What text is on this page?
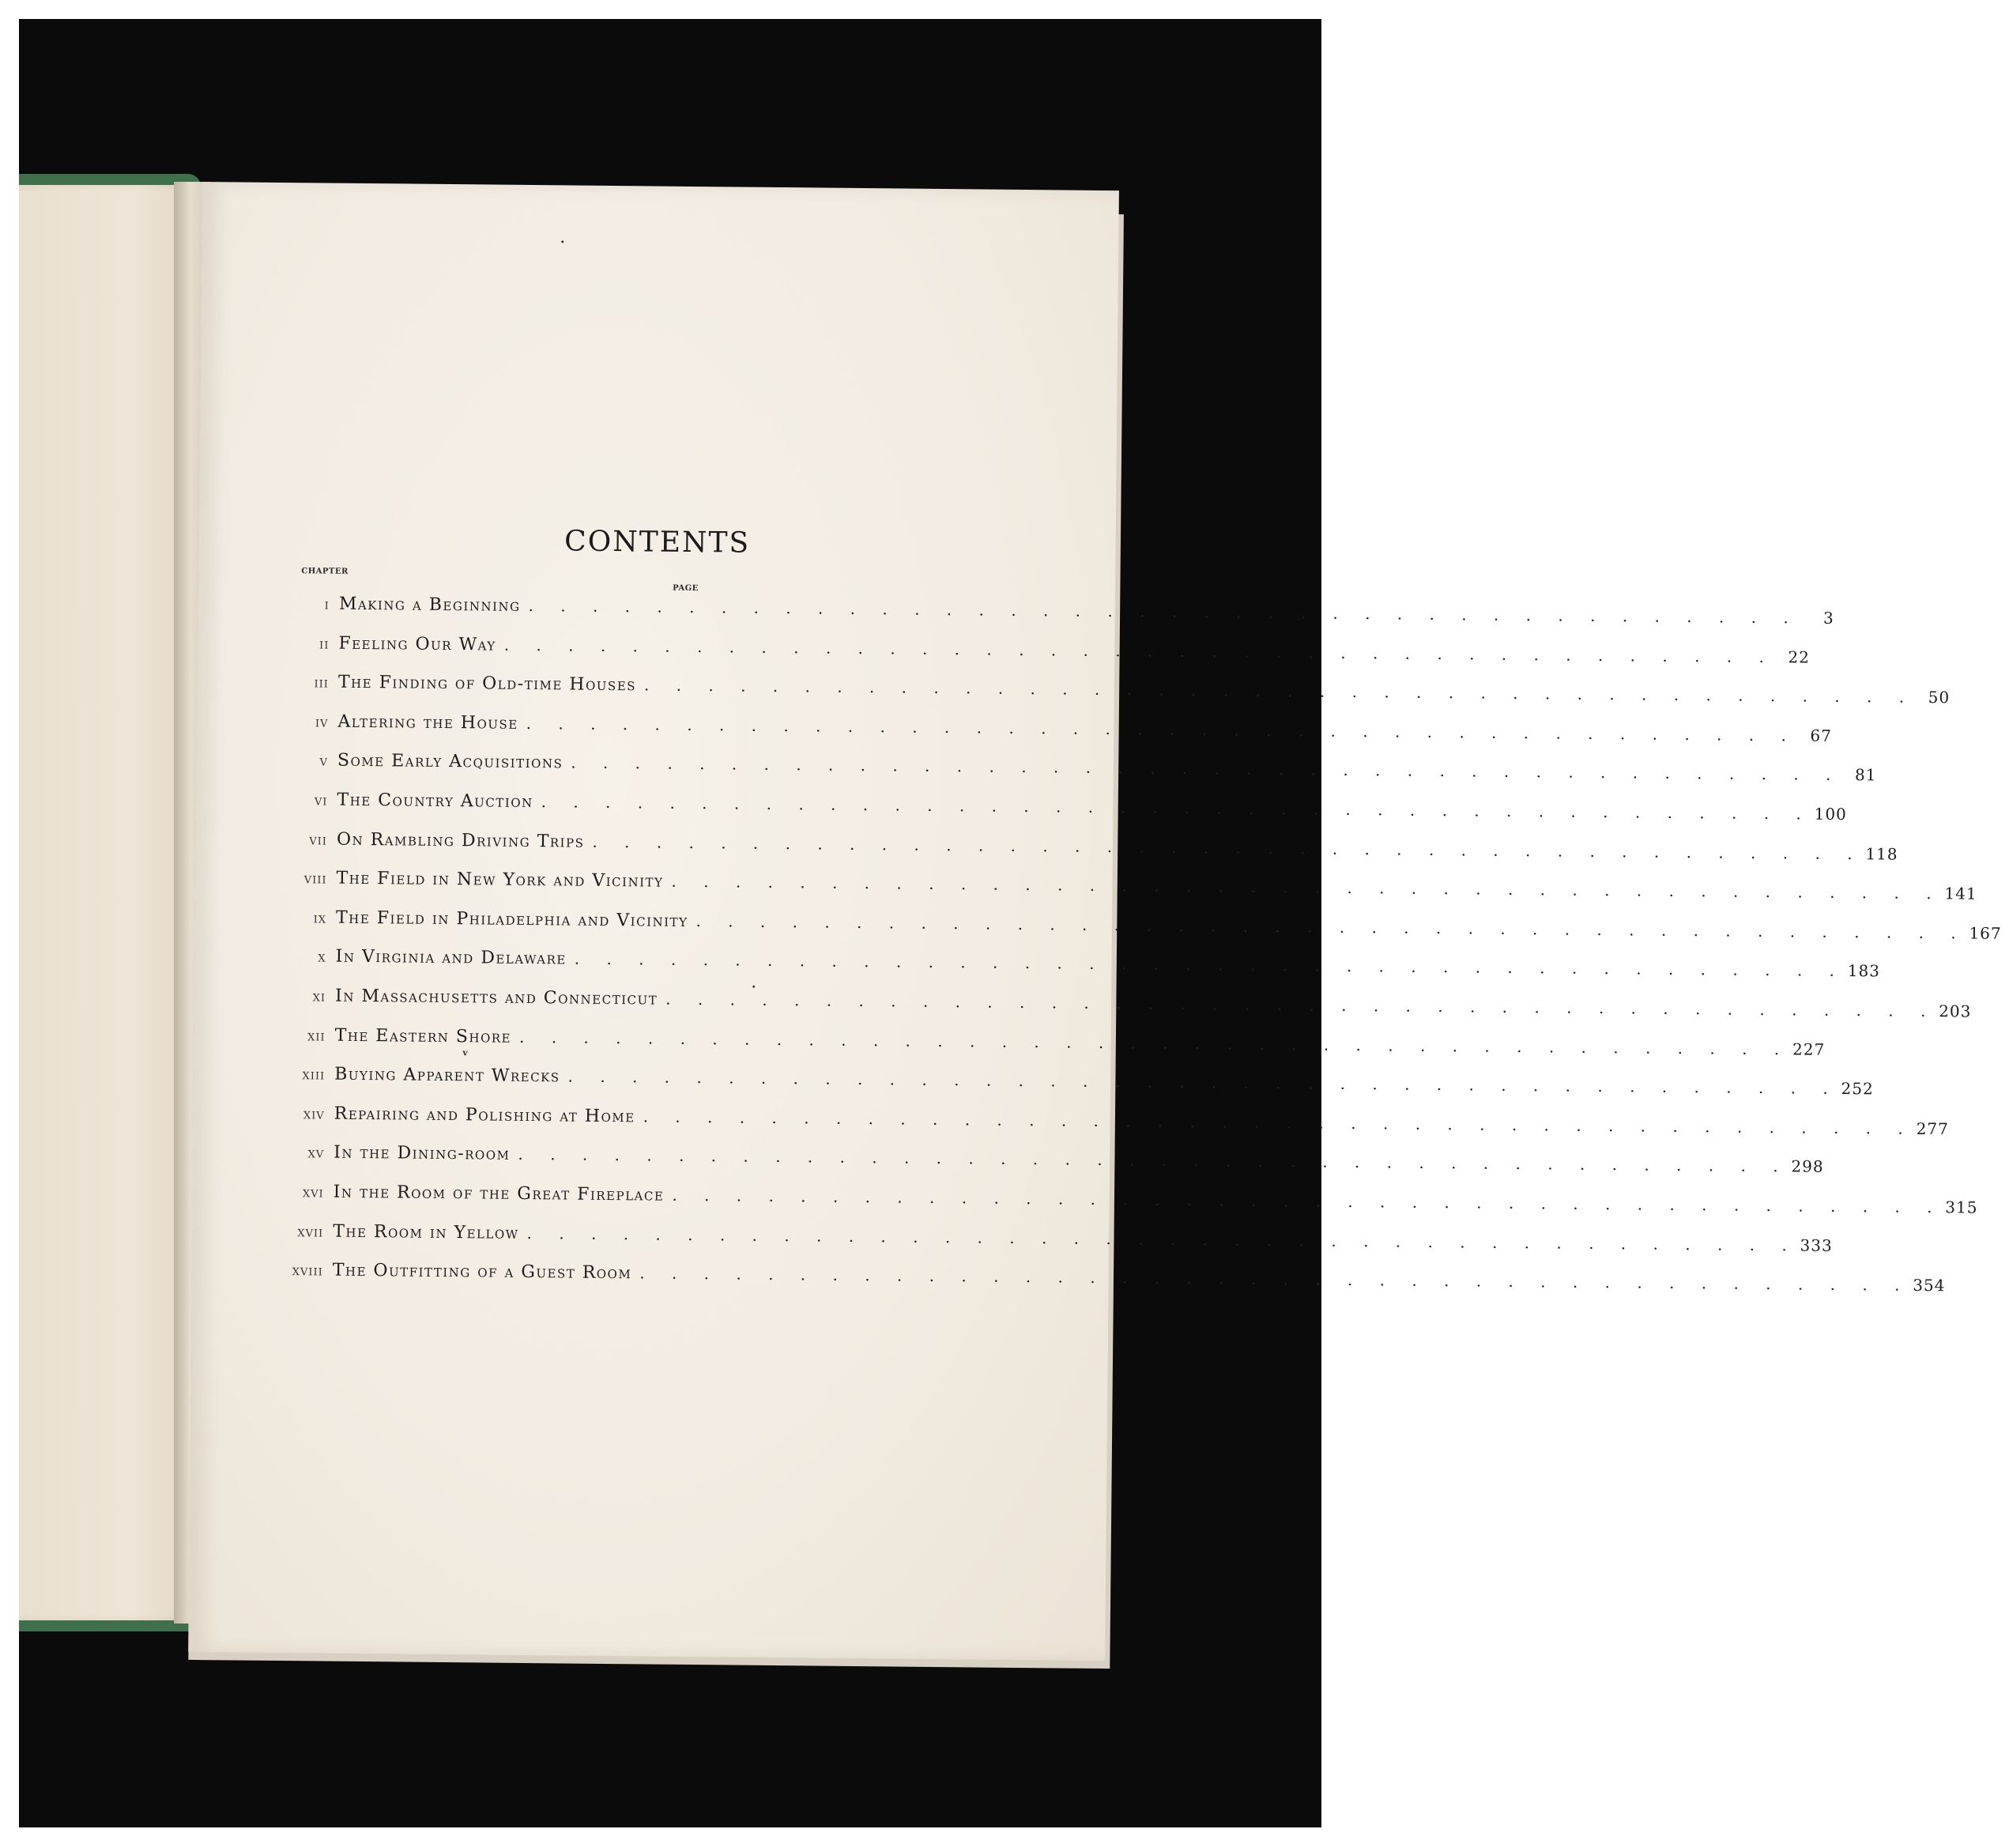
CONTENTS
CHAPTER
PAGE
I Making a Beginning . . . . . . . . . . . . . . . . . . . . . . . . . . . . . . . . . . . . . . . .	3
II Feeling Our Way . . . . . . . . . . . . . . . . . . . . . . . . . . . . . . . . . . . . . . . . 22
III The Finding of Old-time Houses . . . . . . . . . . . . . . . . . . . . . . . . . . . . . . . . . . . . . . . . 50
IV Altering the House . . . . . . . . . . . . . . . . . . . . . . . . . . . . . . . . . . . . . . . . 67
V Some Early Acquisitions . . . . . . . . . . . . . . . . . . . . . . . . . . . . . . . . . . . . . . . . 81
VI The Country Auction . . . . . . . . . . . . . . . . . . . . . . . . . . . . . . . . . . . . . . . . 100
VII On Rambling Driving Trips . . . . . . . . . . . . . . . . . . . . . . . . . . . . . . . . . . . . . . . . 118
VIII The Field in New York and Vicinity . . . . . . . . . . . . . . . . . . . . . . . . . . . . . . . . . . . . . . . . 141
IX The Field in Philadelphia and Vicinity . . . . . . . . . . . . . . . . . . . . . . . . . . . . . . . . . . . . . . . . 167
X In Virginia and Delaware . . . . . . . . . . . . . . . . . . . . . . . . . . . . . . . . . . . . . . . . 183
XI In Massachusetts and Connecticut . . . . . . . . . . . . . . . . . . . . . . . . . . . . . . . . . . . . . . . . 203
XII The Eastern Shore . . . . . . . . . . . . . . . . . . . . . . . . . . . . . . . . . . . . . . . . 227
XIII Buying Apparent Wrecks . . . . . . . . . . . . . . . . . . . . . . . . . . . . . . . . . . . . . . . . 252
XIV Repairing and Polishing at Home . . . . . . . . . . . . . . . . . . . . . . . . . . . . . . . . . . . . . . . . 277
XV In the Dining-room . . . . . . . . . . . . . . . . . . . . . . . . . . . . . . . . . . . . . . . . 298
XVI In the Room of the Great Fireplace . . . . . . . . . . . . . . . . . . . . . . . . . . . . . . . . . . . . . . . . 315
XVII The Room in Yellow . . . . . . . . . . . . . . . . . . . . . . . . . . . . . . . . . . . . . . . . 333
XVIII The Outfitting of a Guest Room . . . . . . . . . . . . . . . . . . . . . . . . . . . . . . . . . . . . . . . . 354
v
